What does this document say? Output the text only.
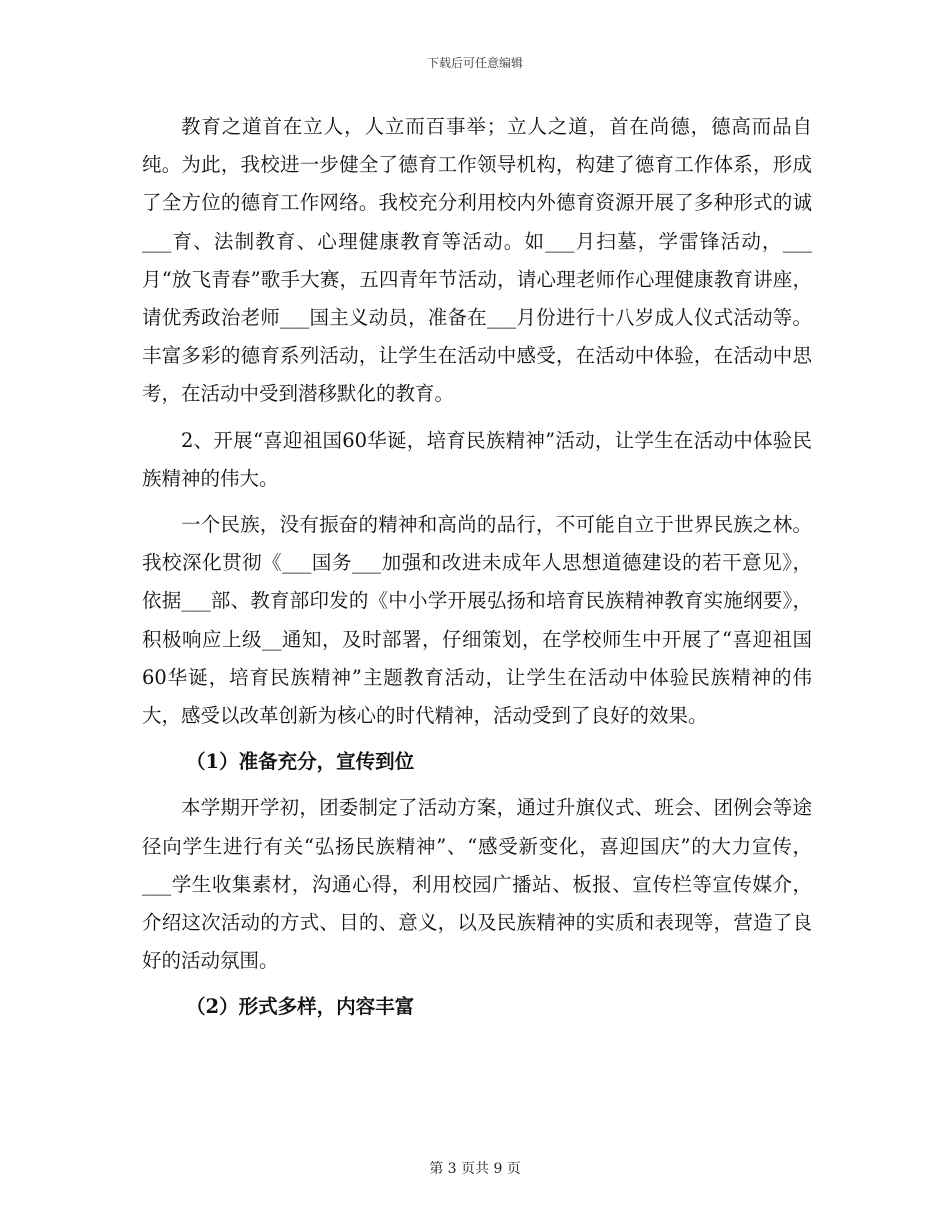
下载后可任意编辑

教育之道首在立人，人立而百事举；立人之道，首在尚德，德高而品自纯。为此，我校进一步健全了德育工作领导机构，构建了德育工作体系，形成了全方位的德育工作网络。我校充分利用校内外德育资源开展了多种形式的诚___育、法制教育、心理健康教育等活动。如___月扫墓，学雷锋活动，___月“放飞青春”歌手大赛，五四青年节活动，请心理老师作心理健康教育讲座，请优秀政治老师___国主义动员，准备在___月份进行十八岁成人仪式活动等。丰富多彩的德育系列活动，让学生在活动中感受，在活动中体验，在活动中思考，在活动中受到潜移默化的教育。

2、开展“喜迎祖国60华诞，培育民族精神”活动，让学生在活动中体验民族精神的伟大。

一个民族，没有振奋的精神和高尚的品行，不可能自立于世界民族之林。我校深化贯彻《___国务___加强和改进未成年人思想道德建设的若干意见》，依据___部、教育部印发的《中小学开展弘扬和培育民族精神教育实施纲要》，积极响应上级__通知，及时部署，仔细策划，在学校师生中开展了“喜迎祖国60华诞，培育民族精神”主题教育活动，让学生在活动中体验民族精神的伟大，感受以改革创新为核心的时代精神，活动受到了良好的效果。

（1）准备充分，宣传到位

本学期开学初，团委制定了活动方案，通过升旗仪式、班会、团例会等途径向学生进行有关“弘扬民族精神”、“感受新变化，喜迎国庆”的大力宣传，___学生收集素材，沟通心得，利用校园广播站、板报、宣传栏等宣传媒介，介绍这次活动的方式、目的、意义，以及民族精神的实质和表现等，营造了良好的活动氛围。

（2）形式多样，内容丰富

第 3 页共 9 页
